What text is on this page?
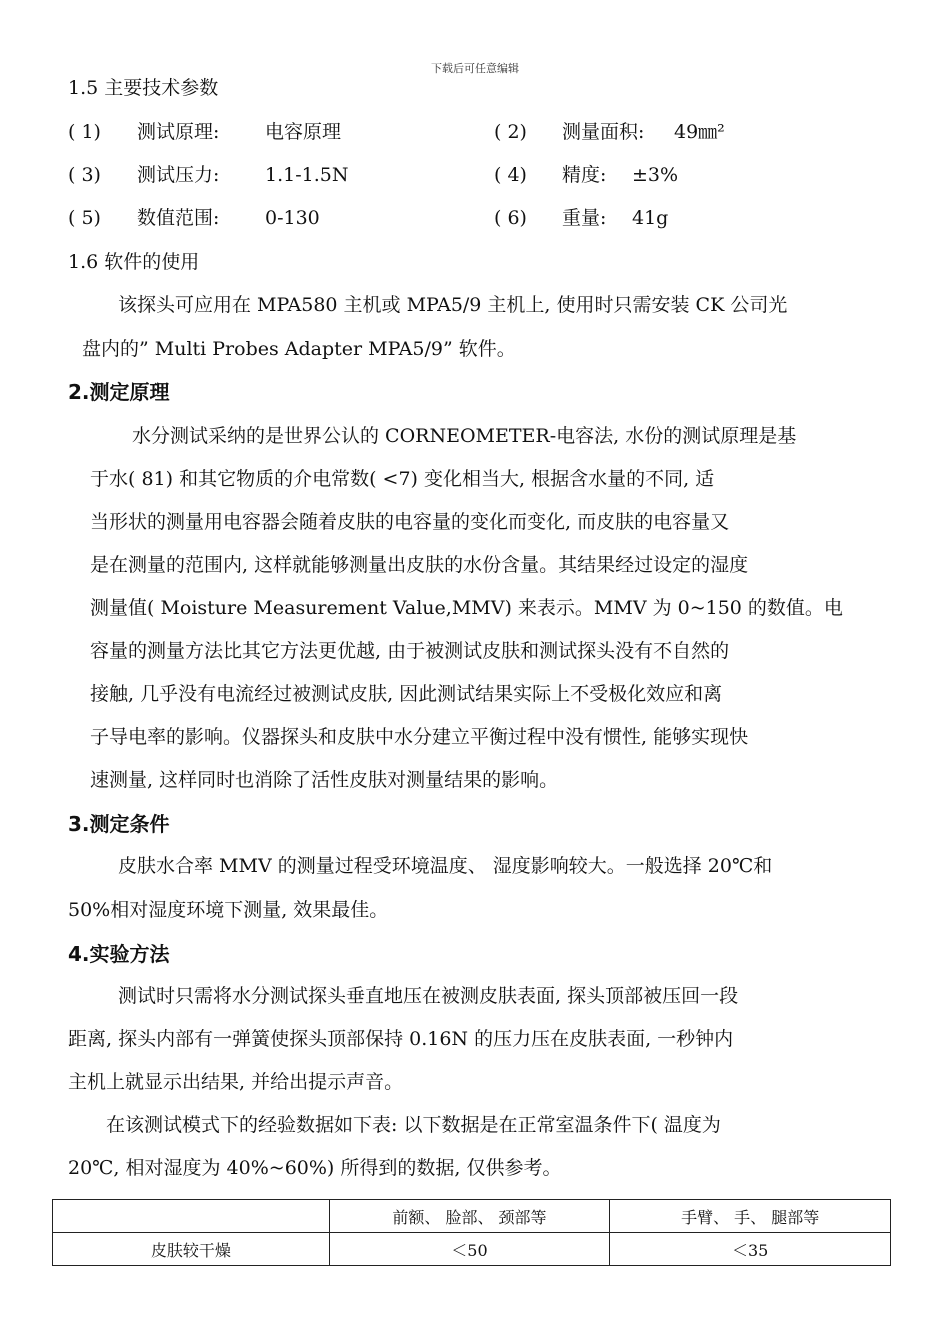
下载后可任意编辑
1.5 主要技术参数
( 1) 测试原理: 电容原理	( 2) 测量面积: 49㎜²
( 3) 测试压力: 1.1-1.5N	( 4) 精度: ±3%
( 5) 数值范围: 0-130	( 6) 重量: 41g
1.6 软件的使用
该探头可应用在 MPA580 主机或 MPA5/9 主机上, 使用时只需安装 CK 公司光
盘内的” Multi Probes Adapter MPA5/9” 软件。
2.测定原理
水分测试采纳的是世界公认的 CORNEOMETER-电容法, 水份的测试原理是基
于水( 81) 和其它物质的介电常数( <7) 变化相当大, 根据含水量的不同, 适
当形状的测量用电容器会随着皮肤的电容量的变化而变化, 而皮肤的电容量又
是在测量的范围内, 这样就能够测量出皮肤的水份含量。其结果经过设定的湿度
测量值( Moisture Measurement Value,MMV) 来表示。MMV 为 0~150 的数值。电
容量的测量方法比其它方法更优越, 由于被测试皮肤和测试探头没有不自然的
接触, 几乎没有电流经过被测试皮肤, 因此测试结果实际上不受极化效应和离
子导电率的影响。仪器探头和皮肤中水分建立平衡过程中没有惯性, 能够实现快
速测量, 这样同时也消除了活性皮肤对测量结果的影响。
3.测定条件
皮肤水合率 MMV 的测量过程受环境温度、 湿度影响较大。一般选择 20℃和
50%相对湿度环境下测量, 效果最佳。
4.实验方法
测试时只需将水分测试探头垂直地压在被测皮肤表面, 探头顶部被压回一段
距离, 探头内部有一弹簧使探头顶部保持 0.16N 的压力压在皮肤表面, 一秒钟内
主机上就显示出结果, 并给出提示声音。
在该测试模式下的经验数据如下表: 以下数据是在正常室温条件下( 温度为
20℃, 相对湿度为 40%~60%) 所得到的数据, 仅供参考。
	前额、 脸部、 颈部等	手臂、 手、 腿部等
皮肤较干燥	＜50	＜35
